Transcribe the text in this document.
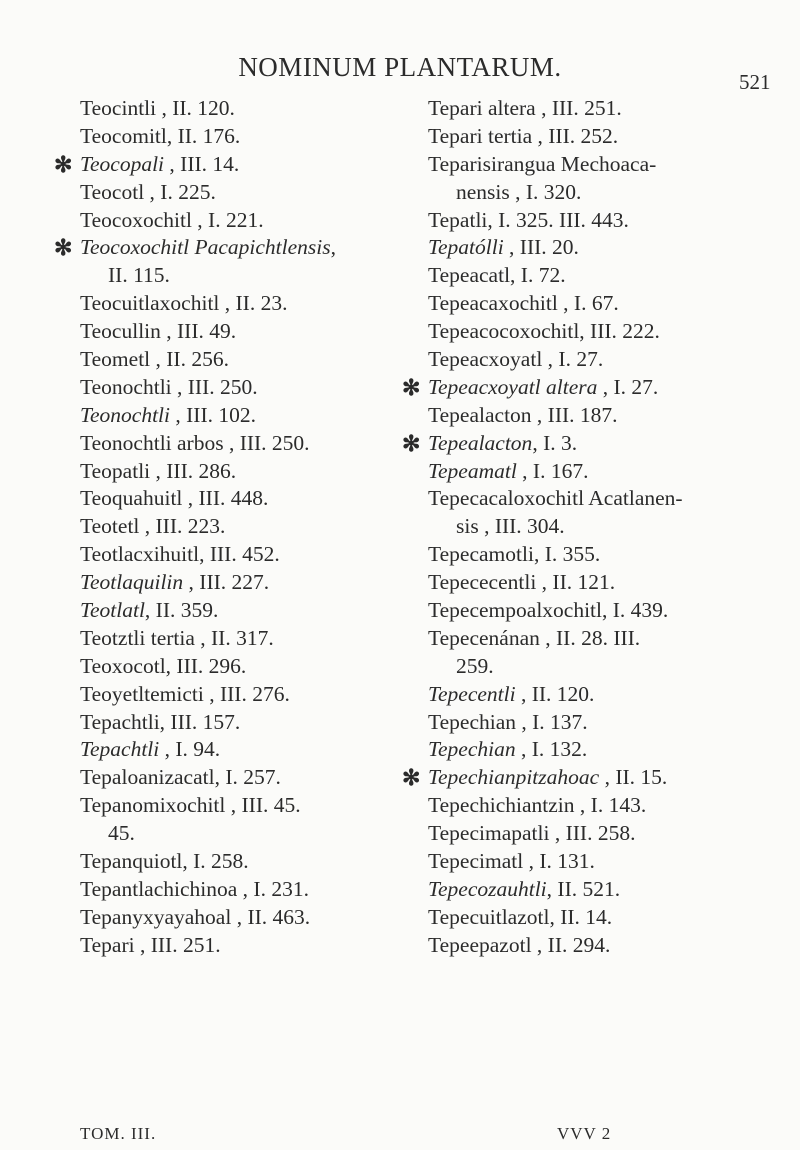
NOMINUM PLANTARUM.	521
Teocintli , II. 120.
Teocomitl, II. 176.
✻ Teocopali , III. 14.
Teocotl , I. 225.
Teocoxochitl , I. 221.
✻ Teocoxochitl Pacapichtlensis,
II. 115.
Teocuitlaxochitl , II. 23.
Teocullin , III. 49.
Teometl , II. 256.
Teonochtli , III. 250.
Teonochtli , III. 102.
Teonochtli arbos , III. 250.
Teopatli , III. 286.
Teoquahuitl , III. 448.
Teotetl , III. 223.
Teotlacxihuitl, III. 452.
Teotlaquilin , III. 227.
Teotlatl, II. 359.
Teotztli tertia , II. 317.
Teoxocotl, III. 296.
Teoyetltemicti , III. 276.
Tepachtli, III. 157.
Tepachtli , I. 94.
Tepaloanizacatl, I. 257.
Tepanomixochitl , III. 45.
45.
Tepanquiotl, I. 258.
Tepantlachichinoa , I. 231.
Tepanyxyayahoal , II. 463.
Tepari , III. 251.
Tepari altera , III. 251.
Tepari tertia , III. 252.
Teparisirangua Mechoaca-
nensis , I. 320.
Tepatli, I. 325. III. 443.
Tepatólli , III. 20.
Tepeacatl, I. 72.
Tepeacaxochitl , I. 67.
Tepeacocoxochitl, III. 222.
Tepeacxoyatl , I. 27.
✻ Tepeacxoyatl altera , I. 27.
Tepealacton , III. 187.
✻ Tepealacton, I. 3.
Tepeamatl , I. 167.
Tepecacaloxochitl Acatlanen-
sis , III. 304.
Tepecamotli, I. 355.
Tepececentli , II. 121.
Tepecempoalxochitl, I. 439.
Tepecenánan , II. 28. III.
259.
Tepecentli , II. 120.
Tepechian , I. 137.
Tepechian , I. 132.
✻ Tepechianpitzahoac , II. 15.
Tepechichiantzin , I. 143.
Tepecimapatli , III. 258.
Tepecimatl , I. 131.
Tepecozauhtli, II. 521.
Tepecuitlazotl, II. 14.
Tepeepazotl , II. 294.
TOM. III.	VVV 2
